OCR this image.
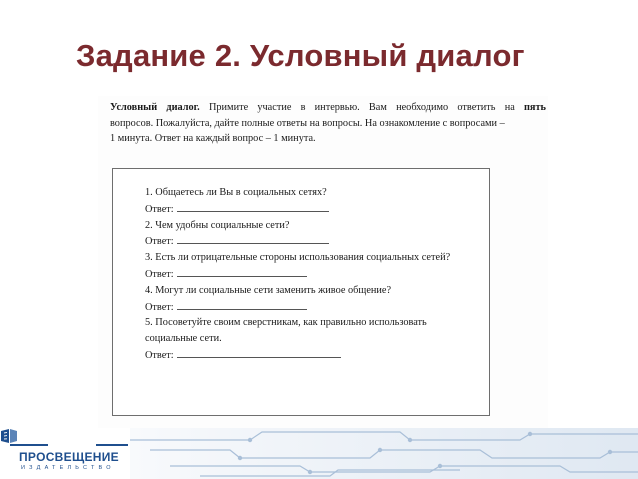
Задание 2. Условный диалог
Условный диалог. Примите участие в интервью. Вам необходимо ответить на пять
вопросов. Пожалуйста, дайте полные ответы на вопросы. На ознакомление с вопросами –
1 минута. Ответ на каждый вопрос – 1 минута.
1. Общаетесь ли Вы в социальных сетях?
Ответ:
2. Чем удобны социальные сети?
Ответ:
3. Есть ли отрицательные стороны использования социальных сетей?
Ответ:
4. Могут ли социальные сети заменить живое общение?
Ответ:
5. Посоветуйте своим сверстникам, как правильно использовать
социальные сети.
Ответ:
ПРОСВЕЩЕНИЕ
ИЗДАТЕЛЬСТВО
